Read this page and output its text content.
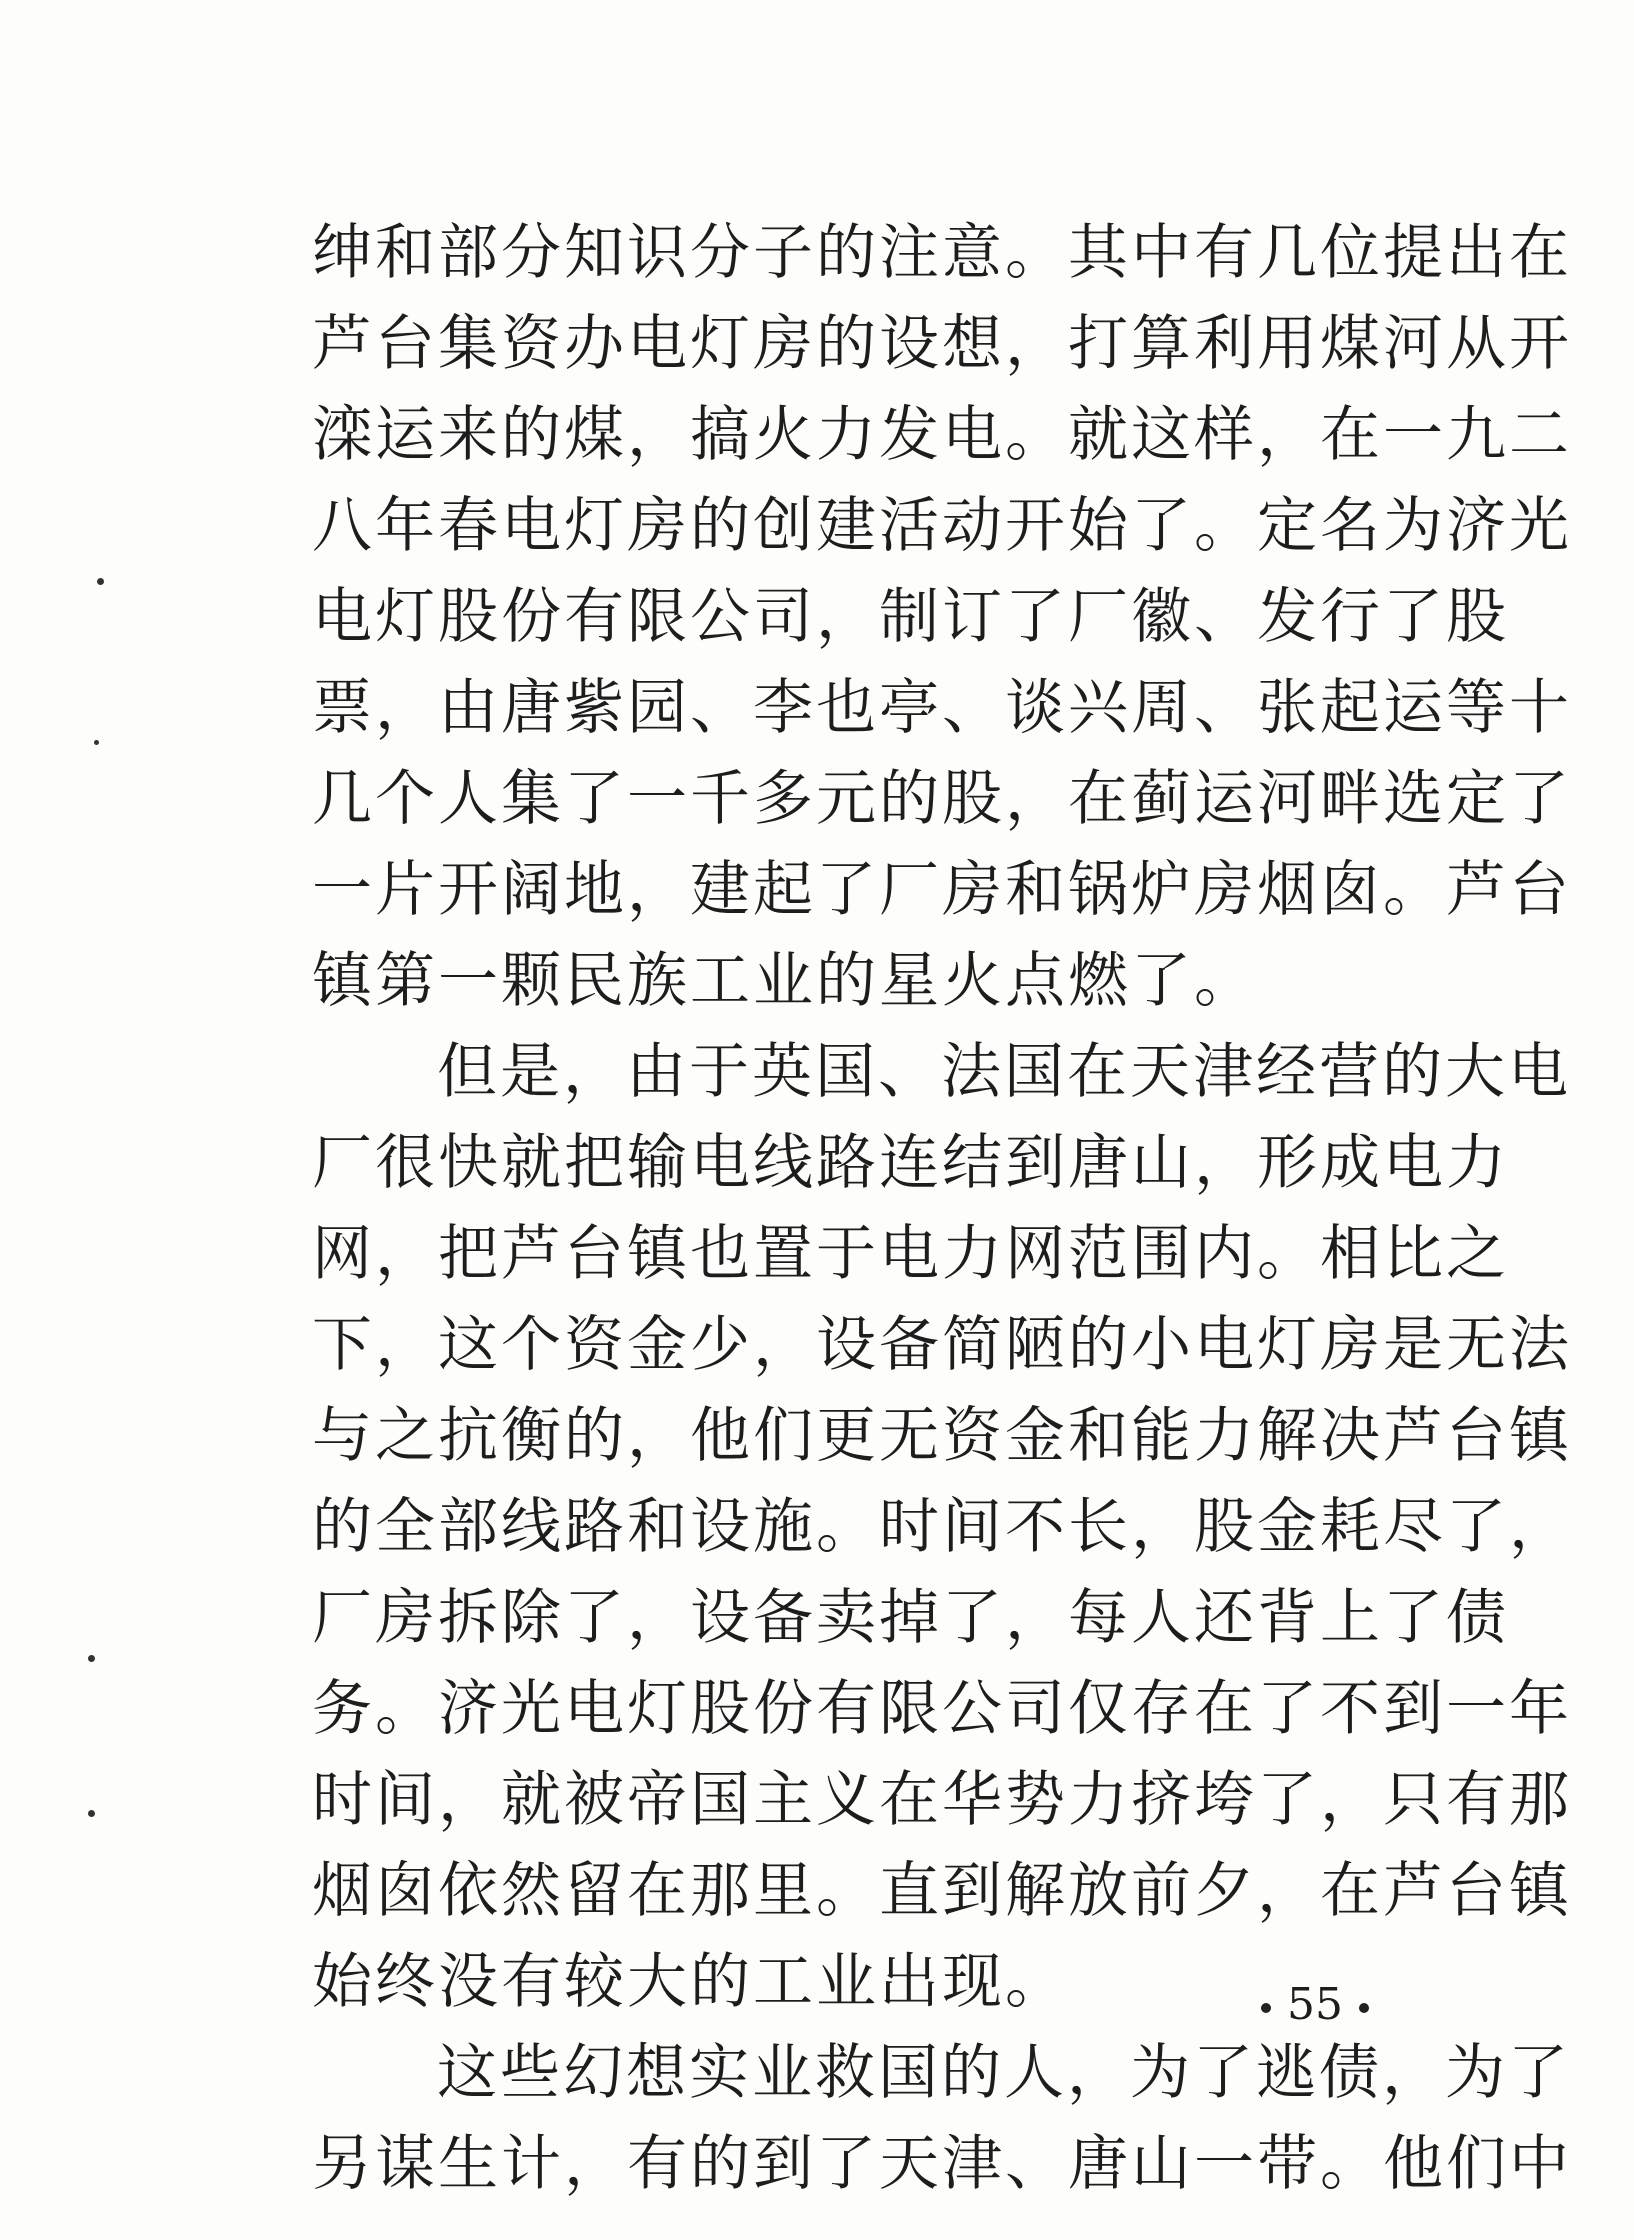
绅和部分知识分子的注意。其中有几位提出在
芦台集资办电灯房的设想，打算利用煤河从开
滦运来的煤，搞火力发电。就这样，在一九二
八年春电灯房的创建活动开始了。定名为济光
电灯股份有限公司，制订了厂徽、发行了股
票，由唐紫园、李也亭、谈兴周、张起运等十
几个人集了一千多元的股，在蓟运河畔选定了
一片开阔地，建起了厂房和锅炉房烟囱。芦台
镇第一颗民族工业的星火点燃了。
但是，由于英国、法国在天津经营的大电
厂很快就把输电线路连结到唐山，形成电力
网，把芦台镇也置于电力网范围内。相比之
下，这个资金少，设备简陋的小电灯房是无法
与之抗衡的，他们更无资金和能力解决芦台镇
的全部线路和设施。时间不长，股金耗尽了，
厂房拆除了，设备卖掉了，每人还背上了债
务。济光电灯股份有限公司仅存在了不到一年
时间，就被帝国主义在华势力挤垮了，只有那
烟囱依然留在那里。直到解放前夕，在芦台镇
始终没有较大的工业出现。
这些幻想实业救国的人，为了逃债，为了
另谋生计，有的到了天津、唐山一带。他们中
55
